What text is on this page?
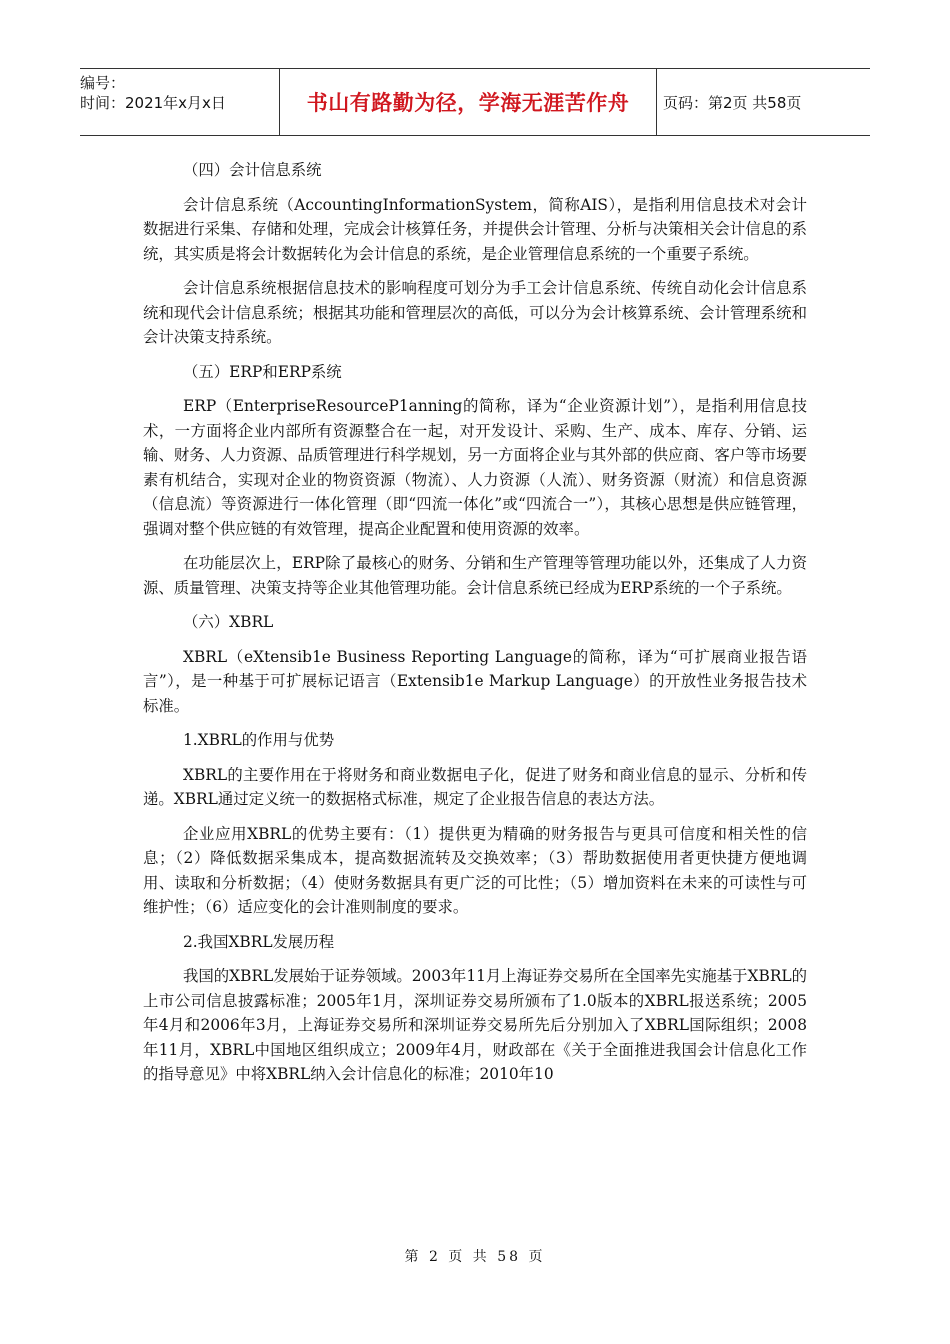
编号：
时间：2021年x月x日	书山有路勤为径，学海无涯苦作舟 页码：第2页 共58页
（四）会计信息系统
会计信息系统（AccountingInformationSystem，简称AIS），是指利用信息技术对会计数据进行采集、存储和处理，完成会计核算任务，并提供会计管理、分析与决策相关会计信息的系统，其实质是将会计数据转化为会计信息的系统，是企业管理信息系统的一个重要子系统。
会计信息系统根据信息技术的影响程度可划分为手工会计信息系统、传统自动化会计信息系统和现代会计信息系统；根据其功能和管理层次的高低，可以分为会计核算系统、会计管理系统和会计决策支持系统。
（五）ERP和ERP系统
ERP（EnterpriseResourceP1anning的简称，译为“企业资源计划”），是指利用信息技术，一方面将企业内部所有资源整合在一起，对开发设计、采购、生产、成本、库存、分销、运输、财务、人力资源、品质管理进行科学规划，另一方面将企业与其外部的供应商、客户等市场要素有机结合，实现对企业的物资资源（物流）、人力资源（人流）、财务资源（财流）和信息资源（信息流）等资源进行一体化管理（即“四流一体化”或“四流合一”），其核心思想是供应链管理，强调对整个供应链的有效管理，提高企业配置和使用资源的效率。
在功能层次上，ERP除了最核心的财务、分销和生产管理等管理功能以外，还集成了人力资源、质量管理、决策支持等企业其他管理功能。会计信息系统已经成为ERP系统的一个子系统。
（六）XBRL
XBRL（eXtensib1e Business Reporting Language的简称，译为“可扩展商业报告语言”），是一种基于可扩展标记语言（Extensib1e Markup Language）的开放性业务报告技术标准。
1.XBRL的作用与优势
XBRL的主要作用在于将财务和商业数据电子化，促进了财务和商业信息的显示、分析和传递。XBRL通过定义统一的数据格式标准，规定了企业报告信息的表达方法。
企业应用XBRL的优势主要有：（1）提供更为精确的财务报告与更具可信度和相关性的信息；（2）降低数据采集成本，提高数据流转及交换效率；（3）帮助数据使用者更快捷方便地调用、读取和分析数据；（4）使财务数据具有更广泛的可比性；（5）增加资料在未来的可读性与可维护性；（6）适应变化的会计准则制度的要求。
2.我国XBRL发展历程
我国的XBRL发展始于证券领域。2003年11月上海证券交易所在全国率先实施基于XBRL的上市公司信息披露标准；2005年1月，深圳证券交易所颁布了1.0版本的XBRL报送系统；2005年4月和2006年3月，上海证券交易所和深圳证券交易所先后分别加入了XBRL国际组织；2008年11月，XBRL中国地区组织成立；2009年4月，财政部在《关于全面推进我国会计信息化工作的指导意见》中将XBRL纳入会计信息化的标准；2010年10
第 2 页 共 58 页
